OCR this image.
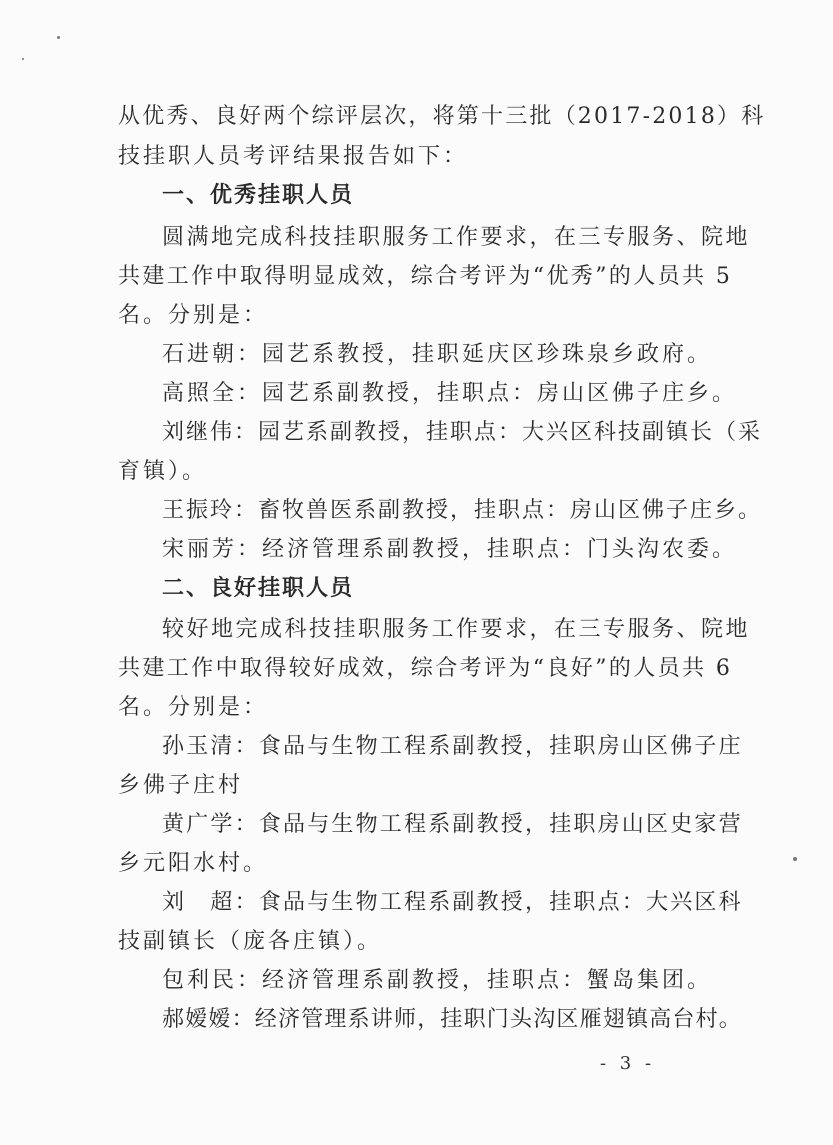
从优秀、良好两个综评层次，将第十三批（2017-2018）科
技挂职人员考评结果报告如下：
一、优秀挂职人员
圆满地完成科技挂职服务工作要求，在三专服务、院地
共建工作中取得明显成效，综合考评为“优秀”的人员共 5
名。分别是：
石进朝：园艺系教授，挂职延庆区珍珠泉乡政府。
高照全：园艺系副教授，挂职点：房山区佛子庄乡。
刘继伟：园艺系副教授，挂职点：大兴区科技副镇长（采
育镇）。
王振玲：畜牧兽医系副教授，挂职点：房山区佛子庄乡。
宋丽芳：经济管理系副教授，挂职点：门头沟农委。
二、良好挂职人员
较好地完成科技挂职服务工作要求，在三专服务、院地
共建工作中取得较好成效，综合考评为“良好”的人员共 6
名。分别是：
孙玉清：食品与生物工程系副教授，挂职房山区佛子庄
乡佛子庄村
黄广学：食品与生物工程系副教授，挂职房山区史家营
乡元阳水村。
刘　超：食品与生物工程系副教授，挂职点：大兴区科
技副镇长（庞各庄镇）。
包利民：经济管理系副教授，挂职点：蟹岛集团。
郝嫒嫒：经济管理系讲师，挂职门头沟区雁翅镇高台村。
- 3 -
